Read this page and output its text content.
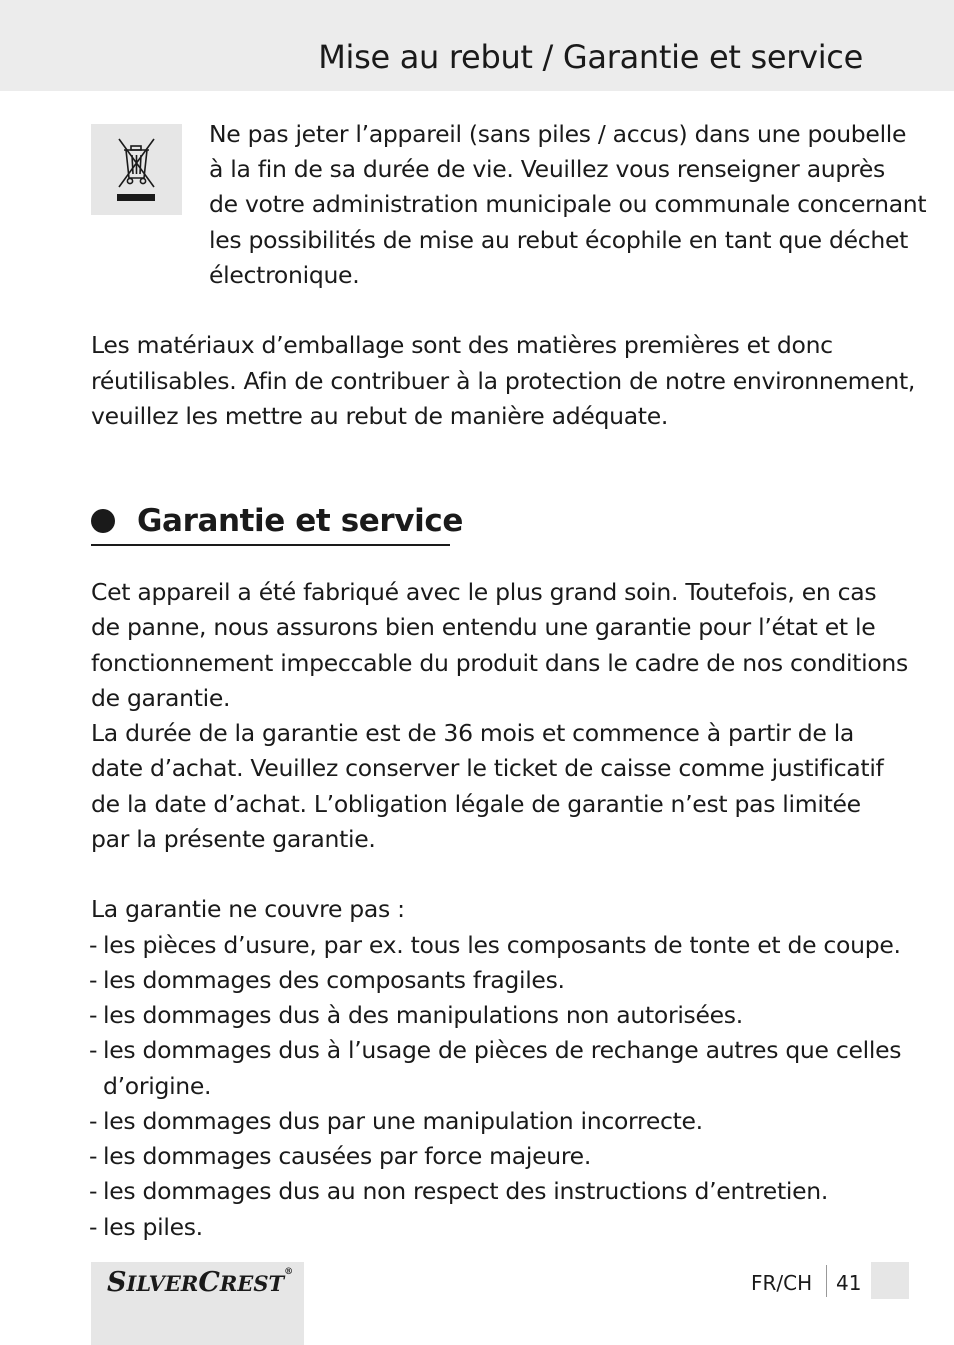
Mise au rebut / Garantie et service
Ne pas jeter l’appareil (sans piles / accus) dans une poubelle
à la fin de sa durée de vie. Veuillez vous renseigner auprès
de votre administration municipale ou communale concernant
les possibilités de mise au rebut écophile en tant que déchet
électronique.
Les matériaux d’emballage sont des matières premières et donc
réutilisables. Afin de contribuer à la protection de notre environnement,
veuillez les mettre au rebut de manière adéquate.
Garantie et service
Cet appareil a été fabriqué avec le plus grand soin. Toutefois, en cas
de panne, nous assurons bien entendu une garantie pour l’état et le
fonctionnement impeccable du produit dans le cadre de nos conditions
de garantie.
La durée de la garantie est de 36 mois et commence à partir de la
date d’achat. Veuillez conserver le ticket de caisse comme justificatif
de la date d’achat. L’obligation légale de garantie n’est pas limitée
par la présente garantie.
La garantie ne couvre pas :
- les pièces d’usure, par ex. tous les composants de tonte et de coupe.
- les dommages des composants fragiles.
- les dommages dus à des manipulations non autorisées.
- les dommages dus à l’usage de pièces de rechange autres que celles
d’origine.
- les dommages dus par une manipulation incorrecte.
- les dommages causées par force majeure.
- les dommages dus au non respect des instructions d’entretien.
- les piles.
SILVERCREST®	FR/CH 41
